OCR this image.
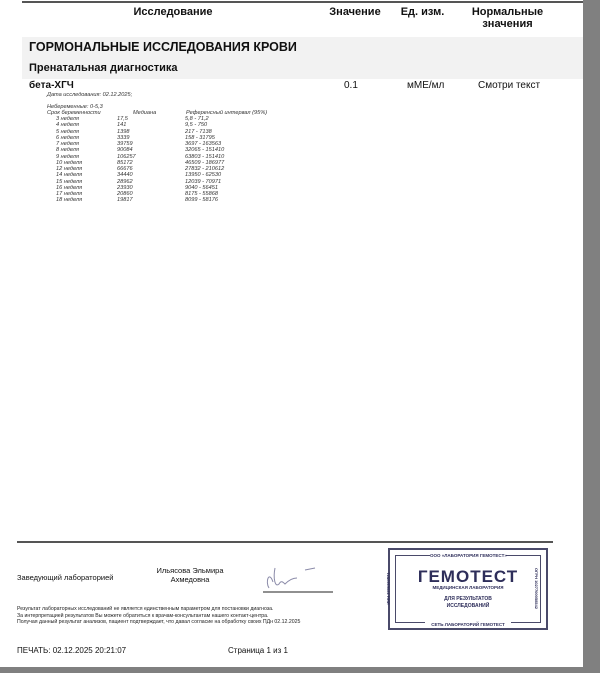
Исследование	Значение	Ед. изм.	Нормальные
значения
ГОРМОНАЛЬНЫЕ ИССЛЕДОВАНИЯ КРОВИ
Пренатальная диагностика
бета-ХГЧ	0.1	мМЕ/мл	Смотри текст
Дата исследования: 02.12.2025;
Небеременные: 0-5,3
Срок беременности	Медиана	Референсный интервал (95%)
3 неделя	17,5	5,8 - 71,2
4 неделя	141	9,5 - 750
5 неделя	1398	217 - 7138
6 неделя	3339	158 - 31795
7 неделя	39759	3697 - 163563
8 неделя	90084	32065 - 151410
9 неделя	106257	63803 - 151410
10 неделя	85172	46509 - 186977
12 неделя	66676	27832 - 210612
14 неделя	34440	13950 - 62530
15 неделя	28962	12039 - 70971
16 неделя	23930	9040 - 56451
17 неделя	20860	8175 - 55868
18 неделя	19817	8099 - 58176
Заведующий лабораторией
Ильясова Эльмира
Ахмедовна
Результат лабораторных исследований не является единственным параметром для постановки диагноза.
За интерпретацией результатов Вы можете обратиться к врачам-консультантам нашего контакт-центра.
Получая данный результат анализов, пациент подтверждает, что давал согласие на обработку своих ПДн 02.12.2025
ПЕЧАТЬ: 02.12.2025 20:21:07	Страница 1 из 1
ООО «ЛАБОРАТОРИЯ ГЕМОТЕСТ»
ГЕМОТЕСТ
МЕДИЦИНСКАЯ ЛАБОРАТОРИЯ
ДЛЯ РЕЗУЛЬТАТОВ
ИССЛЕДОВАНИЙ
СЕТЬ ЛАБОРАТОРИЙ ГЕМОТЕСТ
ИНН 7706383571	ОГРН 1027700058542
